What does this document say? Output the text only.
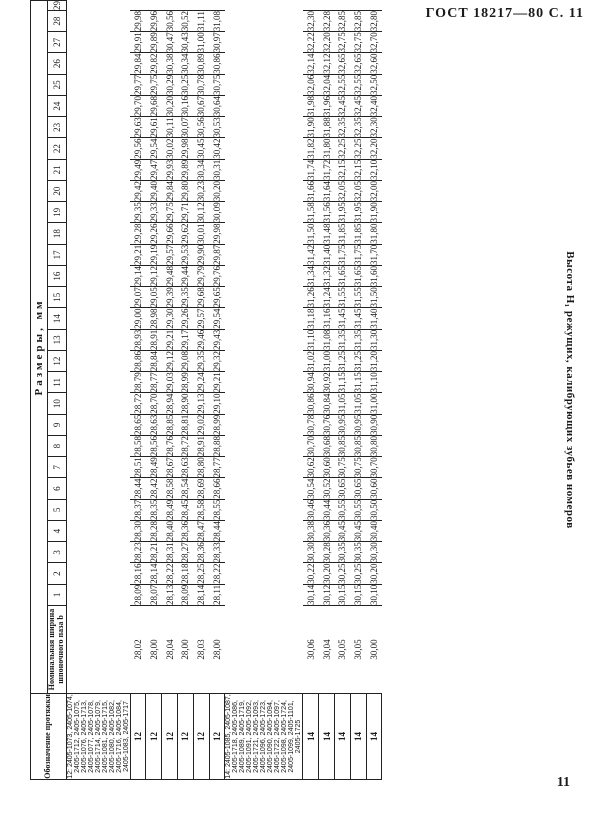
ГОСТ 18217—80 С. 11
Обозначение протяжки	Размеры, мм																													
	Номинальная ширина шпоночного паза b	1	2	3	4	5	6	7	8	9	10	11	12	13	14	15	16	17	18	19	20	21	22	23	24	25	26	27	28	29
12: 2405-1073, 2405-1074, 2405-1712, 2405-1075, 2405-1076, 2405-1713, 2405-1077, 2405-1078, 2405-1714, 2405-1079, 2405-1081, 2405-1715, 2405-1080, 2405-1082, 2405-1716, 2405-1084, 2405-1083, 2405-1717																														
12	28,02	28,09	28,16	28,23	28,30	28,37	28,44	28,51	28,58	28,65	28,72	28,79	28,86	28,93	29,00	29,07	29,14	29,21	29,28	29,35	29,42	29,49	29,56	29,63	29,70	29,77	29,84	29,91	29,98	
12	28,00	28,07	28,14	28,21	28,28	28,35	28,42	28,49	28,56	28,63	28,70	28,77	28,84	28,91	28,98	29,05	29,12	29,19	29,26	29,33	29,40	29,47	29,54	29,61	29,68	29,75	29,82	29,89	29,96	
12	28,04	28,13	28,22	28,31	28,40	28,49	28,58	28,67	28,76	28,85	28,94	29,03	29,12	29,21	29,30	29,39	29,48	29,57	29,66	29,75	29,84	29,93	30,02	30,11	30,20	30,29	30,38	30,47	30,56	
12	28,00	28,09	28,18	28,27	28,36	28,45	28,54	28,63	28,72	28,81	28,90	28,99	29,08	29,17	29,26	29,35	29,44	29,53	29,62	29,71	29,80	29,89	29,98	30,07	30,16	30,25	30,34	30,43	30,52	
12	28,03	28,14	28,25	28,36	28,47	28,58	28,69	28,80	28,91	29,02	29,13	29,24	29,35	29,46	29,57	29,68	29,79	29,90	30,01	30,12	30,23	30,34	30,45	30,56	30,67	30,78	30,89	31,00	31,11	
12	28,00	28,11	28,22	28,33	28,44	28,55	28,66	28,77	28,88	28,99	29,10	29,21	29,32	29,43	29,54	29,65	29,76	29,87	29,98	30,09	30,20	30,31	30,42	30,53	30,64	30,75	30,86	30,97	31,08	
14: 2405-1085, 2405-1087, 2405-1718, 2405-1086, 2405-1089, 2405-1719, 2405-1091, 2405-1092, 2405-1721, 2405-1093, 2405-1096, 2405-1723, 2405-1090, 2405-1094, 2405-1722, 2405-1097, 2405-1098, 2405-1724, 2405-1099, 2405-1101, 2405-1725																														
14	30,06	30,14	30,22	30,30	30,38	30,46	30,54	30,62	30,70	30,78	30,86	30,94	31,02	31,10	31,18	31,26	31,34	31,42	31,50	31,58	31,66	31,74	31,82	31,90	31,98	32,06	32,14	32,22	32,30	
14	30,04	30,12	30,20	30,28	30,36	30,44	30,52	30,60	30,68	30,76	30,84	30,92	31,00	31,08	31,16	31,24	31,32	31,40	31,48	31,56	31,64	31,72	31,80	31,88	31,96	32,04	32,12	32,20	32,28	
14	30,05	30,15	30,25	30,35	30,45	30,55	30,65	30,75	30,85	30,95	31,05	31,15	31,25	31,35	31,45	31,55	31,65	31,75	31,85	31,95	32,05	32,15	32,25	32,35	32,45	32,55	32,65	32,75	32,85	
14	30,05	30,15	30,25	30,35	30,45	30,55	30,65	30,75	30,85	30,95	31,05	31,15	31,25	31,35	31,45	31,55	31,65	31,75	31,85	31,95	32,05	32,15	32,25	32,35	32,45	32,55	32,65	32,75	32,85	
14	30,00	30,10	30,20	30,30	30,40	30,50	30,60	30,70	30,80	30,90	31,00	31,10	31,20	31,30	31,40	31,50	31,60	31,70	31,80	31,90	32,00	32,10	32,20	32,30	32,40	32,50	32,60	32,70	32,80	
Высота H₁ режущих, калибрующих зубьев номеров
11
